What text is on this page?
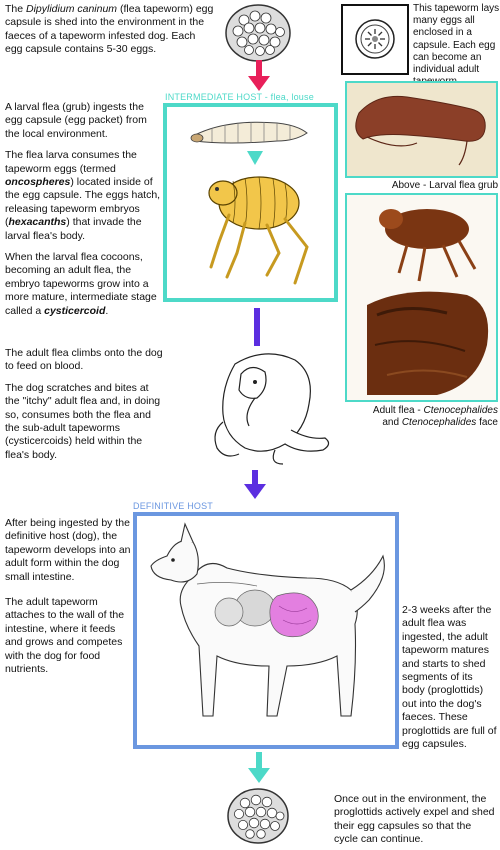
This tapeworm lays many eggs all enclosed in a capsule. Each egg can become an individual adult
The Dipylidium caninum (flea tapeworm) egg capsule is shed into the environment in the faeces of a tapeworm infested dog. Each egg capsule contains 5-30 eggs.
INTERMEDIATE HOST - flea, louse
Above - Larval flea grub
Adult flea - Ctenocephalides
and Ctenocephalides face

A larval flea (grub) ingests the egg capsule (egg packet) from the local environment.

The flea larva consumes the tapeworm eggs (termed oncospheres) located inside of the egg capsule. The eggs hatch, releasing tapeworm embryos (hexacanths) that invade the larval flea's body.

When the larval flea cocoons, becoming an adult flea, the embryo tapeworms grow into a more mature, intermediate stage called a cysticercoid.

The adult flea climbs onto the dog to feed on blood.

The dog scratches and bites at the "itchy" adult flea and, in doing so, consumes both the flea and the sub-adult tapeworms (cysticercoids) held within the flea's body.

DEFINITIVE HOST

After being ingested by the definitive host (dog), the tapeworm develops into an adult form within the dog small intestine.

The adult tapeworm attaches to the wall of the intestine, where it feeds and grows and competes with the dog for food nutrients.

2-3 weeks after the adult flea was ingested, the adult tapeworm matures and starts to shed segments of its body (proglottids) out into the dog's faeces. These proglottids are full of egg capsules.
Once out in the environment, the proglottids actively expel and shed their egg capsules so that the cycle can continue.
